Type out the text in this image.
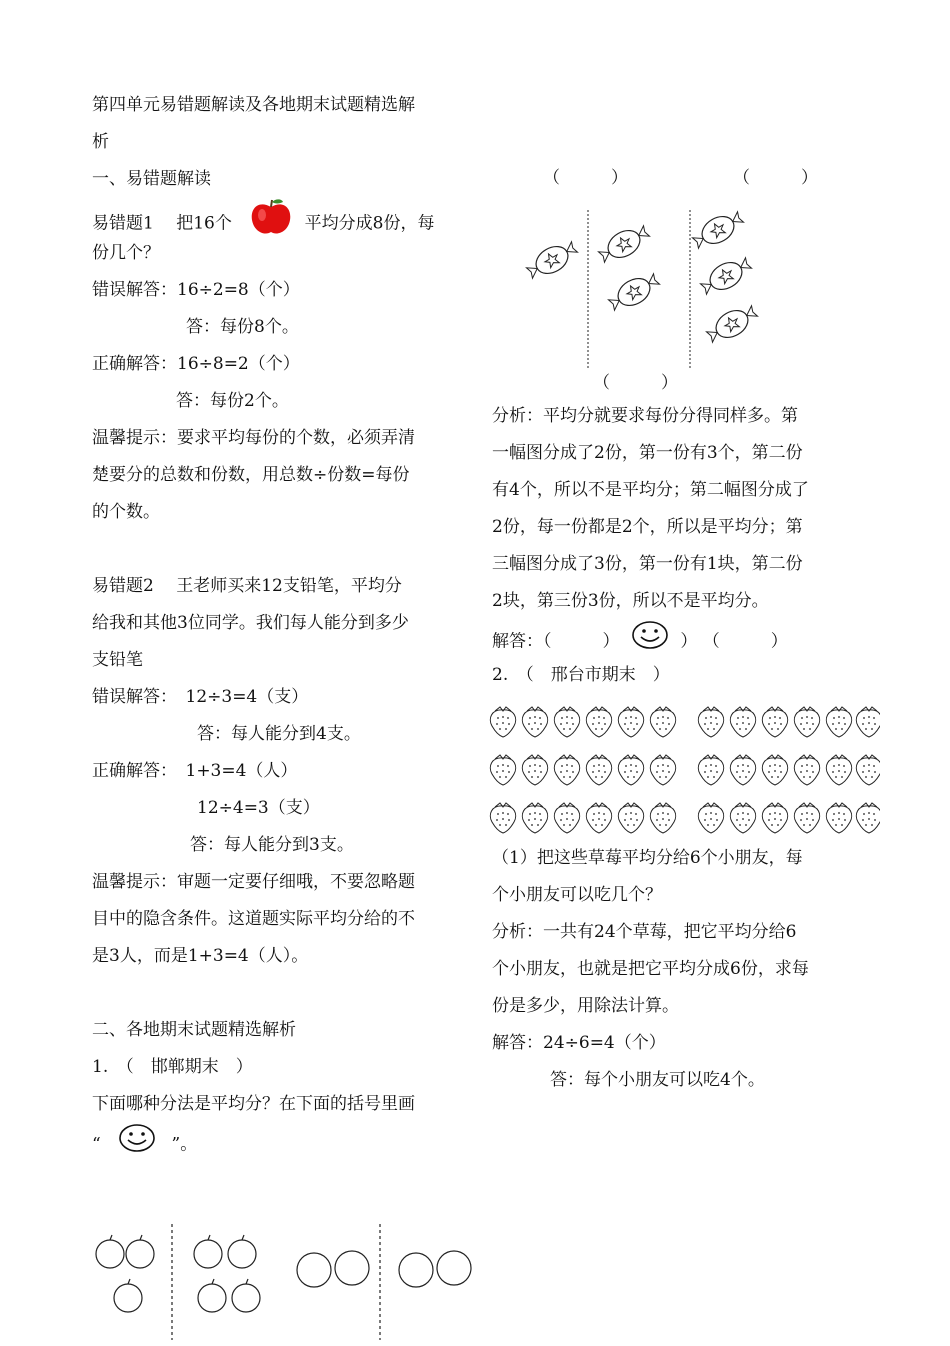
第四单元易错题解读及各地期末试题精选解
析
一、易错题解读
易错题1　 把16个	平均分成8份，每
份几个？
错误解答：16÷2=8（个）
答：每份8个。
正确解答：16÷8=2（个）
答：每份2个。
温馨提示：要求平均每份的个数，必须弄清
楚要分的总数和份数，用总数÷份数=每份
的个数。
易错题2　 王老师买来12支铅笔，平均分
给我和其他3位同学。我们每人能分到多少
支铅笔
错误解答：　12÷3=4（支）
答：每人能分到4支。
正确解答：　1+3=4（人）
12÷4=3（支）
答：每人能分到3支。
温馨提示：审题一定要仔细哦，不要忽略题
目中的隐含条件。这道题实际平均分给的不
是3人，而是1+3=4（人）。
二、各地期末试题精选解析
1.　（　邯郸期末　）
下面哪种分法是平均分？在下面的括号里画
“	”。
（　　　）	（　　　）
（　　　）
分析：平均分就要求每份分得同样多。第
一幅图分成了2份，第一份有3个，第二份
有4个，所以不是平均分；第二幅图分成了
2份，每一份都是2个，所以是平均分；第
三幅图分成了3份，第一份有1块，第二份
2块，第三份3份，所以不是平均分。
解答：（　　　）	） （　　　）
2.　（　邢台市期末　）
（1）把这些草莓平均分给6个小朋友，每
个小朋友可以吃几个？
分析：一共有24个草莓，把它平均分给6
个小朋友，也就是把它平均分成6份，求每
份是多少，用除法计算。
解答：24÷6=4（个）
答：每个小朋友可以吃4个。
